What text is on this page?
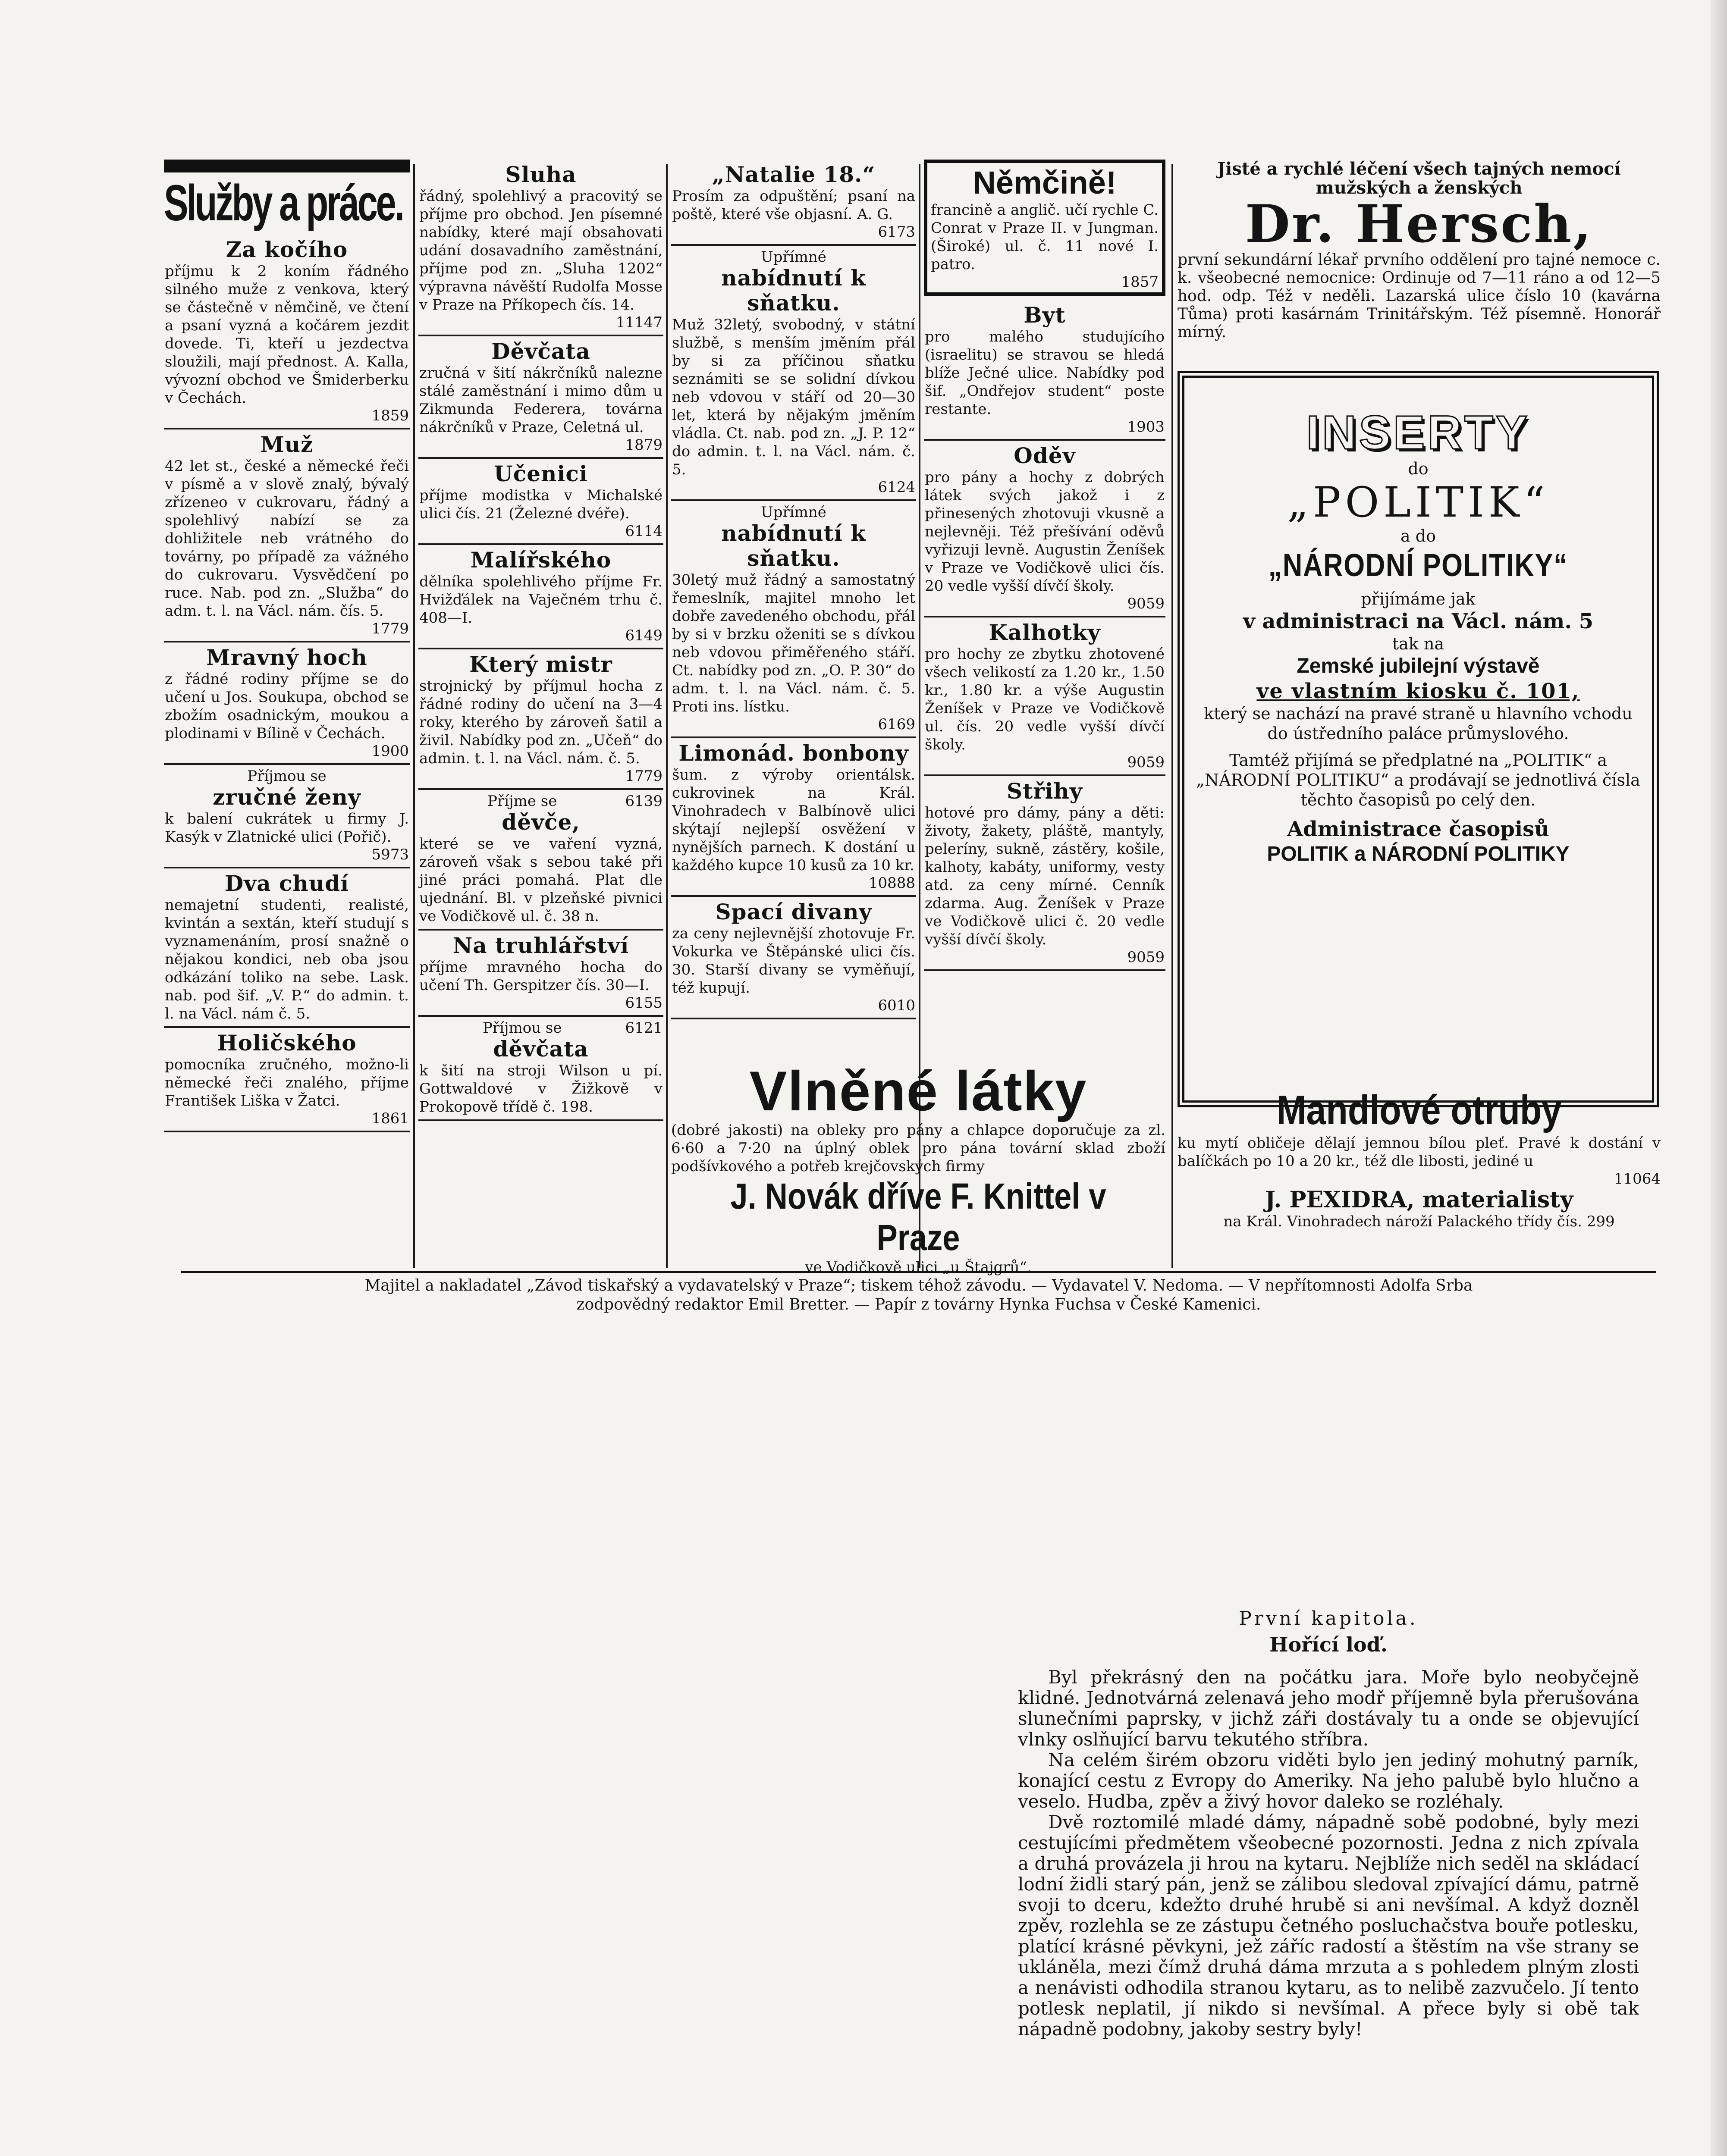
Služby a práce.
Za kočího
příjmu k 2 koním řádného silného muže z venkova, který se částečně v němčině, ve čtení a psaní vyzná a kočárem jezdit dovede. Ti, kteří u jezdectva sloužili, mají přednost. A. Kalla, vývozní obchod ve Šmiderberku v Čechách.
1859
Muž
42 let st., české a německé řeči v písmě a v slově znalý, bývalý zřízeneo v cukrovaru, řádný a spolehlivý nabízí se za dohližitele neb vrátného do továrny, po případě za vážného do cukrovaru. Vysvědčení po ruce. Nab. pod zn. „Služba“ do adm. t. l. na Václ. nám. čís. 5.
1779
Mravný hoch
z řádné rodiny příjme se do učení u Jos. Soukupa, obchod se zbožím osadnickým, moukou a plodinami v Bílině v Čechách.
1900
Příjmou se
zručné ženy
k balení cukrátek u firmy J. Kasýk v Zlatnické ulici (Pořič).
5973
Dva chudí
nemajetní studenti, realisté, kvintán a sextán, kteří studují s vyznamenáním, prosí snažně o nějakou kondici, neb oba jsou odkázání toliko na sebe. Lask. nab. pod šif. „V. P.“ do admin. t. l. na Václ. nám č. 5.
Holičského
pomocníka zručného, možno-li německé řeči znalého, příjme František Liška v Žatci.
1861
Sluha
řádný, spolehlivý a pracovitý se příjme pro obchod. Jen písemné nabídky, které mají obsahovati udání dosavadního zaměstnání, příjme pod zn. „Sluha 1202“ výpravna návěští Rudolfa Mosse v Praze na Příkopech čís. 14.
11147
Děvčata
zručná v šití nákrčníků nalezne stálé zaměstnání i mimo dům u Zikmunda Federera, továrna nákrčníků v Praze, Celetná ul.
1879
Učenici
příjme modistka v Michalské ulici čís. 21 (Železné dvéře).
6114
Malířského
dělníka spolehlivého příjme Fr. Hvižďálek na Vaječném trhu č. 408—I.
6149
Který mistr
strojnický by příjmul hocha z řádné rodiny do učení na 3—4 roky, kterého by zároveň šatil a živil. Nabídky pod zn. „Učeň“ do admin. t. l. na Václ. nám. č. 5.
1779
Příjme se	6139
děvče,
které se ve vaření vyzná, zároveň však s sebou také při jiné práci pomahá. Plat dle ujednání. Bl. v plzeňské pivnici ve Vodičkově ul. č. 38 n.
Na truhlářství
příjme mravného hocha do učení Th. Gerspitzer čís. 30—I.
6155
Příjmou se	6121
děvčata
k šití na stroji Wilson u pí. Gottwaldové v Žižkově v Prokopově třídě č. 198.
„Natalie 18.“
Prosím za odpuštění; psaní na poště, které vše objasní. A. G.
6173
Upřímné
nabídnutí k sňatku.
Muž 32letý, svobodný, v státní službě, s menším jměním přál by si za příčinou sňatku seznámiti se se solidní dívkou neb vdovou v stáří od 20—30 let, která by nějakým jměním vládla. Ct. nab. pod zn. „J. P. 12“ do admin. t. l. na Václ. nám. č. 5.
6124
Upřímné
nabídnutí k sňatku.
30letý muž řádný a samostatný řemeslník, majitel mnoho let dobře zavedeného obchodu, přál by si v brzku oženiti se s dívkou neb vdovou přiměřeného stáří. Ct. nabídky pod zn. „O. P. 30“ do adm. t. l. na Václ. nám. č. 5. Proti ins. lístku.
6169
Limonád. bonbony
šum. z výroby orientálsk. cukrovinek na Král. Vinohradech v Balbínově ulici skýtají nejlepší osvěžení v nynějších parnech. K dostání u každého kupce 10 kusů za 10 kr.
10888
Spací divany
za ceny nejlevnější zhotovuje Fr. Vokurka ve Štěpánské ulici čís. 30. Starší divany se vyměňují, též kupují.
6010
Němčině!
francině a anglič. učí rychle C. Conrat v Praze II. v Jungman. (Široké) ul. č. 11 nové I. patro.
1857
Byt
pro malého studujícího (israelitu) se stravou se hledá blíže Ječné ulice. Nabídky pod šif. „Ondřejov student“ poste restante.
1903
Oděv
pro pány a hochy z dobrých látek svých jakož i z přinesených zhotovuji vkusně a nejlevněji. Též přešívání oděvů vyřizuji levně. Augustin Ženíšek v Praze ve Vodičkově ulici čís. 20 vedle vyšší dívčí školy.
9059
Kalhotky
pro hochy ze zbytku zhotovené všech velikostí za 1.20 kr., 1.50 kr., 1.80 kr. a výše Augustin Ženíšek v Praze ve Vodičkově ul. čís. 20 vedle vyšší dívčí školy.
9059
Střihy
hotové pro dámy, pány a děti: životy, žakety, pláště, mantyly, peleríny, sukně, zástěry, košile, kalhoty, kabáty, uniformy, vesty atd. za ceny mírné. Cenník zdarma. Aug. Ženíšek v Praze ve Vodičkově ulici č. 20 vedle vyšší dívčí školy.
9059
Vlněné látky
(dobré jakosti) na obleky pro pány a chlapce doporučuje za zl. 6·60 a 7·20 na úplný oblek pro pána tovární sklad zboží podšívkového a potřeb krejčovských firmy
J. Novák dříve F. Knittel v Praze
ve Vodičkově ulici „u Štajgrů“.
Jisté a rychlé léčení všech tajných nemocí mužských a ženských
Dr. Hersch,
první sekundární lékař prvního oddělení pro tajné nemoce c. k. všeobecné nemocnice: Ordinuje od 7—11 ráno a od 12—5 hod. odp. Též v neděli. Lazarská ulice číslo 10 (kavárna Tůma) proti kasárnám Trinitářským. Též písemně. Honorář mírný.
INSERTY
do
„POLITIK“
a do
„NÁRODNÍ POLITIKY“
přijímáme jak
v administraci na Václ. nám. 5
tak na
Zemské jubilejní výstavě
ve vlastním kiosku č. 101,
který se nachází na pravé straně u hlavního vchodu do ústředního paláce průmyslového.
Tamtéž přijímá se předplatné na „POLITIK“ a „NÁRODNÍ POLITIKU“ a prodávají se jednotlivá čísla těchto časopisů po celý den.
Administrace časopisů
POLITIK a NÁRODNÍ POLITIKY
Mandlové otruby
ku mytí obličeje dělají jemnou bílou pleť. Pravé k dostání v balíčkách po 10 a 20 kr., též dle libosti, jediné u
11064
J. PEXIDRA, materialisty
na Král. Vinohradech nároží Palackého třídy čís. 299
Majitel a nakladatel „Závod tiskařský a vydavatelský v Praze“; tiskem téhož závodu. — Vydavatel V. Nedoma. — V nepřítomnosti Adolfa Srba
zodpovědný redaktor Emil Bretter. — Papír z továrny Hynka Fuchsa v České Kamenici.
První kapitola.
Hořící loď.

Byl překrásný den na počátku jara. Moře bylo neobyčejně klidné. Jednotvárná zelenavá jeho modř příjemně byla přerušována slunečními paprsky, v jichž záři dostávaly tu a onde se objevující vlnky oslňující barvu tekutého stříbra.

Na celém širém obzoru viděti bylo jen jediný mohutný parník, konající cestu z Evropy do Ameriky. Na jeho palubě bylo hlučno a veselo. Hudba, zpěv a živý hovor daleko se rozléhaly.

Dvě roztomilé mladé dámy, nápadně sobě podobné, byly mezi cestujícími předmětem všeobecné pozornosti. Jedna z nich zpívala a druhá provázela ji hrou na kytaru. Nejblíže nich seděl na skládací lodní židli starý pán, jenž se zálibou sledoval zpívající dámu, patrně svoji to dceru, kdežto druhé hrubě si ani nevšímal. A když dozněl zpěv, rozlehla se ze zástupu četného posluchačstva bouře potlesku, platící krásné pěvkyni, jež záříc radostí a štěstím na vše strany se ukláněla, mezi čímž druhá dáma mrzuta a s pohledem plným zlosti a nenávisti odhodila stranou kytaru, as to nelibě zazvučelo. Jí tento potlesk neplatil, jí nikdo si nevšímal. A přece byly si obě tak nápadně podobny, jakoby sestry byly!
